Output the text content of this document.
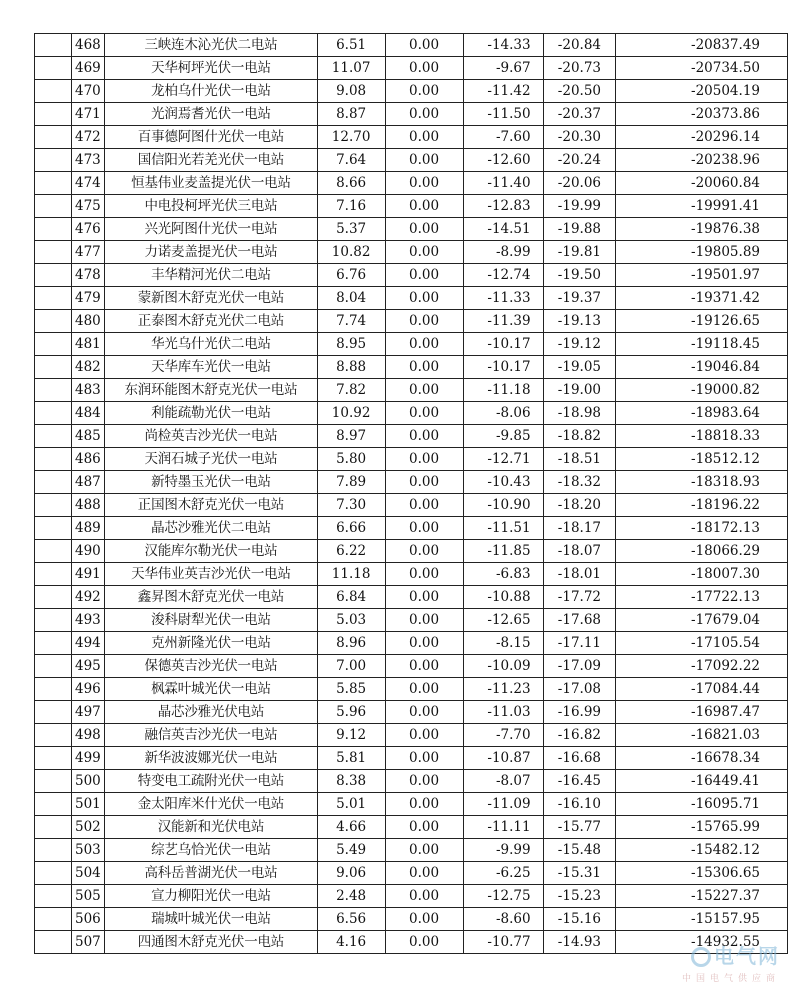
	468	三峡连木沁光伏二电站	6.51	0.00	-14.33	-20.84	-20837.49
	469	天华柯坪光伏一电站	11.07	0.00	-9.67	-20.73	-20734.50
	470	龙柏乌什光伏一电站	9.08	0.00	-11.42	-20.50	-20504.19
	471	光润焉耆光伏一电站	8.87	0.00	-11.50	-20.37	-20373.86
	472	百事德阿图什光伏一电站	12.70	0.00	-7.60	-20.30	-20296.14
	473	国信阳光若羌光伏一电站	7.64	0.00	-12.60	-20.24	-20238.96
	474	恒基伟业麦盖提光伏一电站	8.66	0.00	-11.40	-20.06	-20060.84
	475	中电投柯坪光伏三电站	7.16	0.00	-12.83	-19.99	-19991.41
	476	兴光阿图什光伏一电站	5.37	0.00	-14.51	-19.88	-19876.38
	477	力诺麦盖提光伏一电站	10.82	0.00	-8.99	-19.81	-19805.89
	478	丰华精河光伏二电站	6.76	0.00	-12.74	-19.50	-19501.97
	479	蒙新图木舒克光伏一电站	8.04	0.00	-11.33	-19.37	-19371.42
	480	正泰图木舒克光伏二电站	7.74	0.00	-11.39	-19.13	-19126.65
	481	华光乌什光伏二电站	8.95	0.00	-10.17	-19.12	-19118.45
	482	天华库车光伏一电站	8.88	0.00	-10.17	-19.05	-19046.84
	483	东润环能图木舒克光伏一电站	7.82	0.00	-11.18	-19.00	-19000.82
	484	利能疏勒光伏一电站	10.92	0.00	-8.06	-18.98	-18983.64
	485	尚检英吉沙光伏一电站	8.97	0.00	-9.85	-18.82	-18818.33
	486	天润石城子光伏一电站	5.80	0.00	-12.71	-18.51	-18512.12
	487	新特墨玉光伏一电站	7.89	0.00	-10.43	-18.32	-18318.93
	488	正国图木舒克光伏一电站	7.30	0.00	-10.90	-18.20	-18196.22
	489	晶芯沙雅光伏二电站	6.66	0.00	-11.51	-18.17	-18172.13
	490	汉能库尔勒光伏一电站	6.22	0.00	-11.85	-18.07	-18066.29
	491	天华伟业英吉沙光伏一电站	11.18	0.00	-6.83	-18.01	-18007.30
	492	鑫昇图木舒克光伏一电站	6.84	0.00	-10.88	-17.72	-17722.13
	493	浚科尉犁光伏一电站	5.03	0.00	-12.65	-17.68	-17679.04
	494	克州新隆光伏一电站	8.96	0.00	-8.15	-17.11	-17105.54
	495	保德英吉沙光伏一电站	7.00	0.00	-10.09	-17.09	-17092.22
	496	枫霖叶城光伏一电站	5.85	0.00	-11.23	-17.08	-17084.44
	497	晶芯沙雅光伏电站	5.96	0.00	-11.03	-16.99	-16987.47
	498	融信英吉沙光伏一电站	9.12	0.00	-7.70	-16.82	-16821.03
	499	新华波波娜光伏一电站	5.81	0.00	-10.87	-16.68	-16678.34
	500	特变电工疏附光伏一电站	8.38	0.00	-8.07	-16.45	-16449.41
	501	金太阳库米什光伏一电站	5.01	0.00	-11.09	-16.10	-16095.71
	502	汉能新和光伏电站	4.66	0.00	-11.11	-15.77	-15765.99
	503	综艺乌恰光伏一电站	5.49	0.00	-9.99	-15.48	-15482.12
	504	高科岳普湖光伏一电站	9.06	0.00	-6.25	-15.31	-15306.65
	505	宣力柳阳光伏一电站	2.48	0.00	-12.75	-15.23	-15227.37
	506	瑞城叶城光伏一电站	6.56	0.00	-8.60	-15.16	-15157.95
	507	四通图木舒克光伏一电站	4.16	0.00	-10.77	-14.93	-14932.55
电气网
中国电气供应商
